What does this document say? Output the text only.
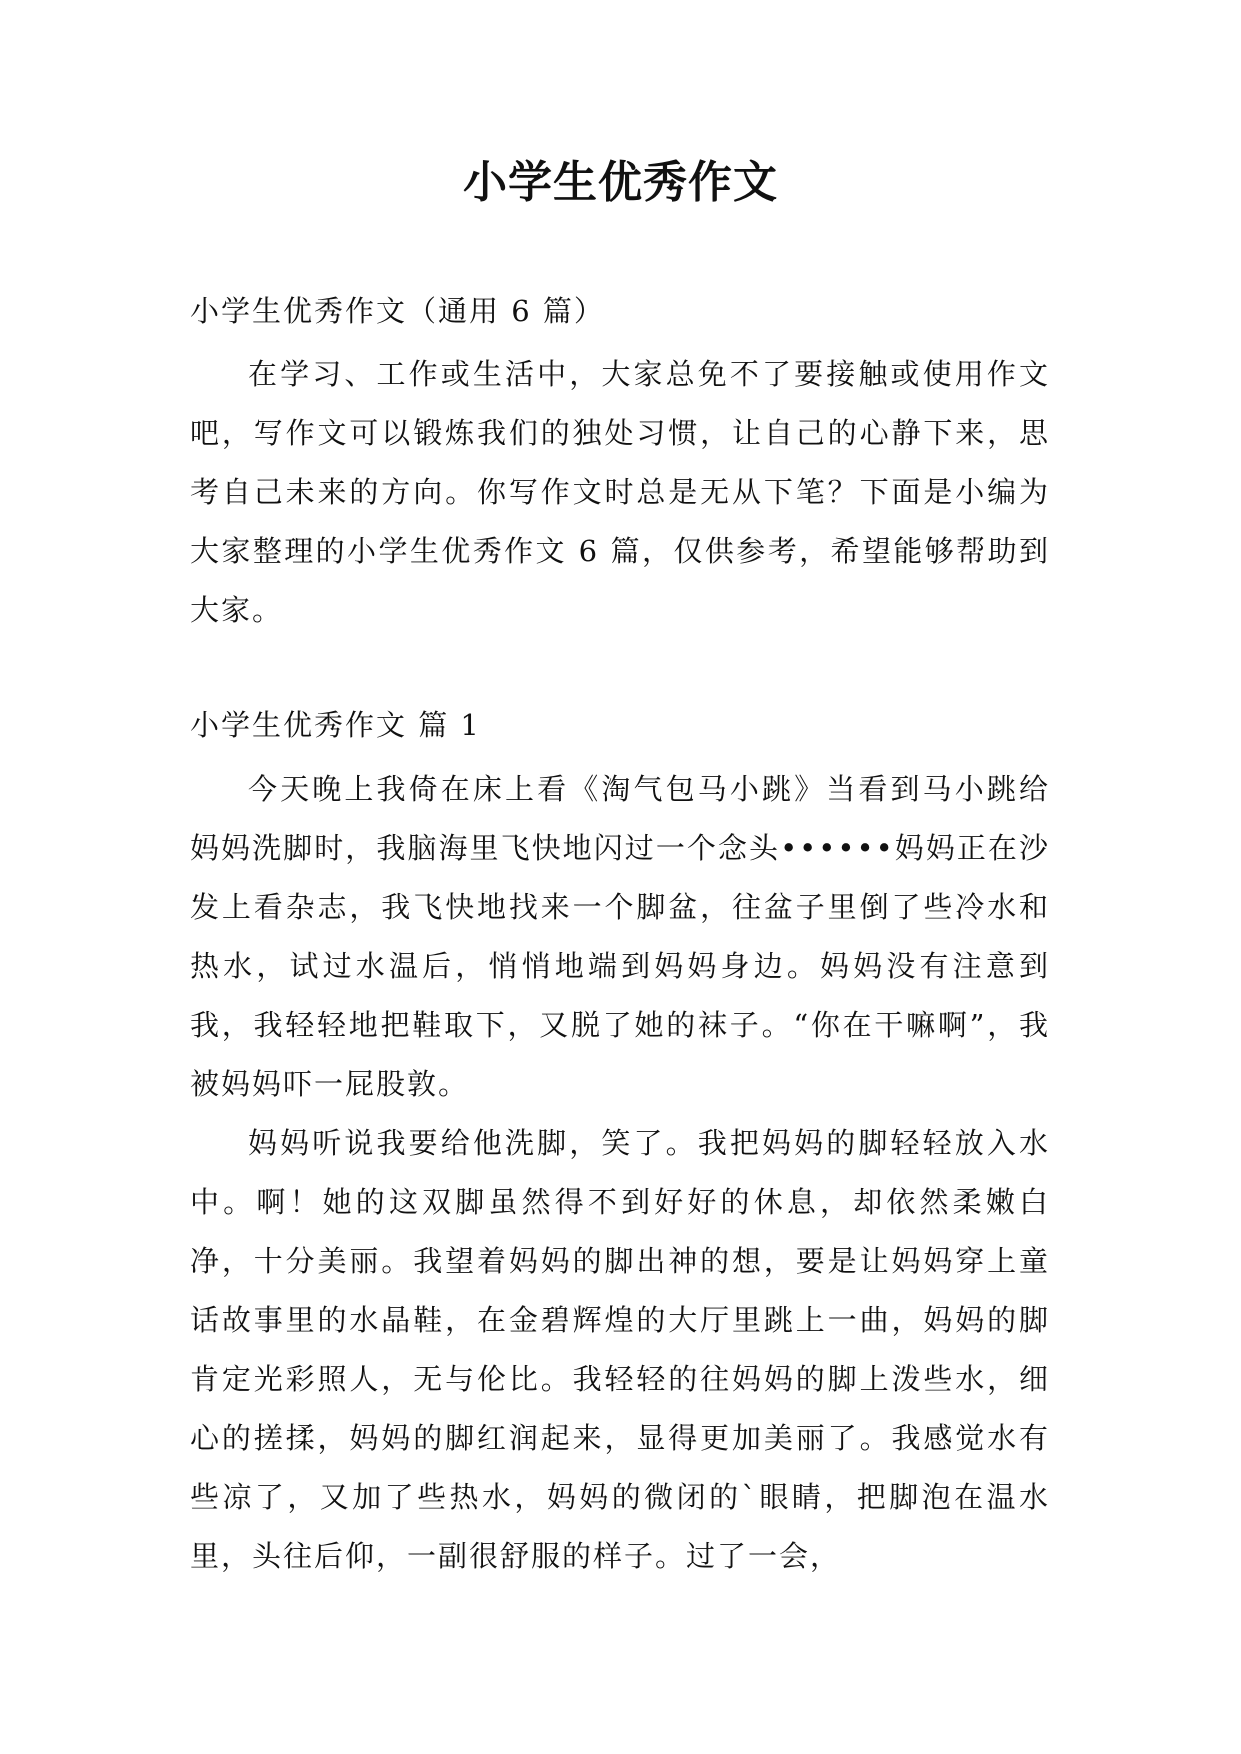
小学生优秀作文
小学生优秀作文（通用 6 篇）

在学习、工作或生活中，大家总免不了要接触或使用作文吧，写作文可以锻炼我们的独处习惯，让自己的心静下来，思考自己未来的方向。你写作文时总是无从下笔？下面是小编为大家整理的小学生优秀作文 6 篇，仅供参考，希望能够帮助到大家。

小学生优秀作文 篇 1

今天晚上我倚在床上看《淘气包马小跳》当看到马小跳给妈妈洗脚时，我脑海里飞快地闪过一个念头••••••妈妈正在沙发上看杂志，我飞快地找来一个脚盆，往盆子里倒了些冷水和热水，试过水温后，悄悄地端到妈妈身边。妈妈没有注意到我，我轻轻地把鞋取下，又脱了她的袜子。“你在干嘛啊”，我被妈妈吓一屁股敦。

妈妈听说我要给他洗脚，笑了。我把妈妈的脚轻轻放入水中。啊！她的这双脚虽然得不到好好的休息，却依然柔嫩白净，十分美丽。我望着妈妈的脚出神的想，要是让妈妈穿上童话故事里的水晶鞋，在金碧辉煌的大厅里跳上一曲，妈妈的脚肯定光彩照人，无与伦比。我轻轻的往妈妈的脚上泼些水，细心的搓揉，妈妈的脚红润起来，显得更加美丽了。我感觉水有些凉了，又加了些热水，妈妈的微闭的`眼睛，把脚泡在温水里，头往后仰，一副很舒服的样子。过了一会，
